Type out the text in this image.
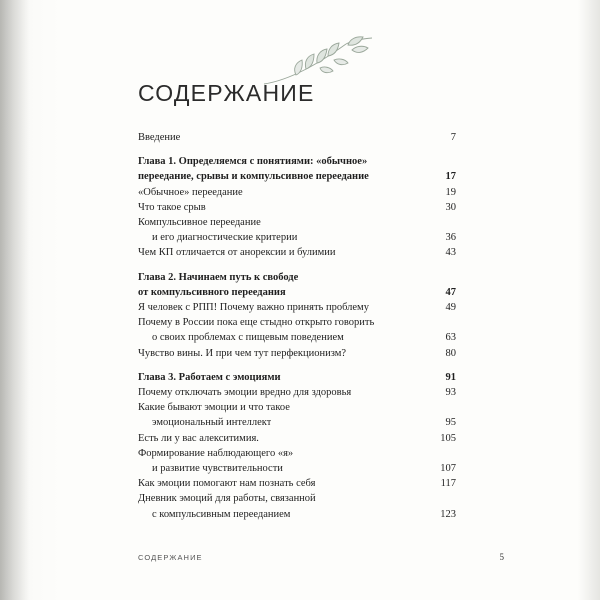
СОДЕРЖАНИЕ
Введение . . .	7
Глава 1. Определяемся с понятиями: «обычное»
переедание, срывы и компульсивное переедание . . .	17
«Обычное» переедание . . .	19
Что такое срыв . . .	30
Компульсивное переедание
и его диагностические критерии . . .	36
Чем КП отличается от анорексии и булимии . . .	43
Глава 2. Начинаем путь к свободе
от компульсивного переедания . . .	47
Я человек с РПП! Почему важно принять проблему . . .	49
Почему в России пока еще стыдно открыто говорить
о своих проблемах с пищевым поведением . . .	63
Чувство вины. И при чем тут перфекционизм? . . .	80
Глава 3. Работаем с эмоциями . . .	91
Почему отключать эмоции вредно для здоровья . . .	93
Какие бывают эмоции и что такое
эмоциональный интеллект . . .	95
Есть ли у вас алекситимия. . . .	105
Формирование наблюдающего «я»
и развитие чувствительности . . .	107
Как эмоции помогают нам познать себя . . .	117
Дневник эмоций для работы, связанной
с компульсивным перееданием . . .	123
СОДЕРЖАНИЕ	5
